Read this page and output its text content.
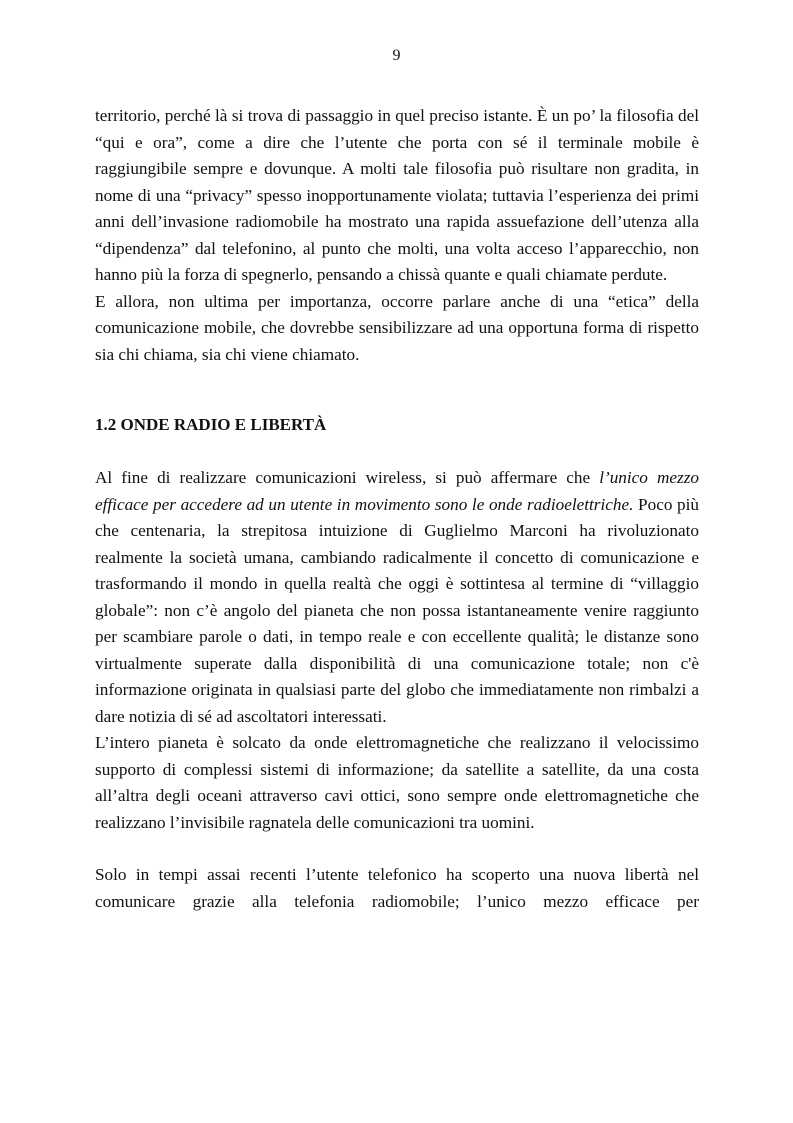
9

territorio, perché là si trova di passaggio in quel preciso istante. È un po’ la filosofia del “qui e ora”, come a dire che l’utente che porta con sé il terminale mobile è raggiungibile sempre e dovunque. A molti tale filosofia può risultare non gradita, in nome di una “privacy” spesso inopportunamente violata; tuttavia l’esperienza dei primi anni dell’invasione radiomobile ha mostrato una rapida assuefazione dell’utenza alla “dipendenza” dal telefonino, al punto che molti, una volta acceso l’apparecchio, non hanno più la forza di spegnerlo, pensando a chissà quante e quali chiamate perdute.

E allora, non ultima per importanza, occorre parlare anche di una “etica” della comunicazione mobile, che dovrebbe sensibilizzare ad una opportuna forma di rispetto sia chi chiama, sia chi viene chiamato.

1.2 ONDE RADIO E LIBERTÀ

Al fine di realizzare comunicazioni wireless, si può affermare che l’unico mezzo efficace per accedere ad un utente in movimento sono le onde radioelettriche. Poco più che centenaria, la strepitosa intuizione di Guglielmo Marconi ha rivoluzionato realmente la società umana, cambiando radicalmente il concetto di comunicazione e trasformando il mondo in quella realtà che oggi è sottintesa al termine di “villaggio globale”: non c’è angolo del pianeta che non possa istantaneamente venire raggiunto per scambiare parole o dati, in tempo reale e con eccellente qualità; le distanze sono virtualmente superate dalla disponibilità di una comunicazione totale; non c'è informazione originata in qualsiasi parte del globo che immediatamente non rimbalzi a dare notizia di sé ad ascoltatori interessati.

L’intero pianeta è solcato da onde elettromagnetiche che realizzano il velocissimo supporto di complessi sistemi di informazione; da satellite a satellite, da una costa all’altra degli oceani attraverso cavi ottici, sono sempre onde elettromagnetiche che realizzano l’invisibile ragnatela delle comunicazioni tra uomini.

Solo in tempi assai recenti l’utente telefonico ha scoperto una nuova libertà nel comunicare grazie alla telefonia radiomobile; l’unico mezzo efficace per
